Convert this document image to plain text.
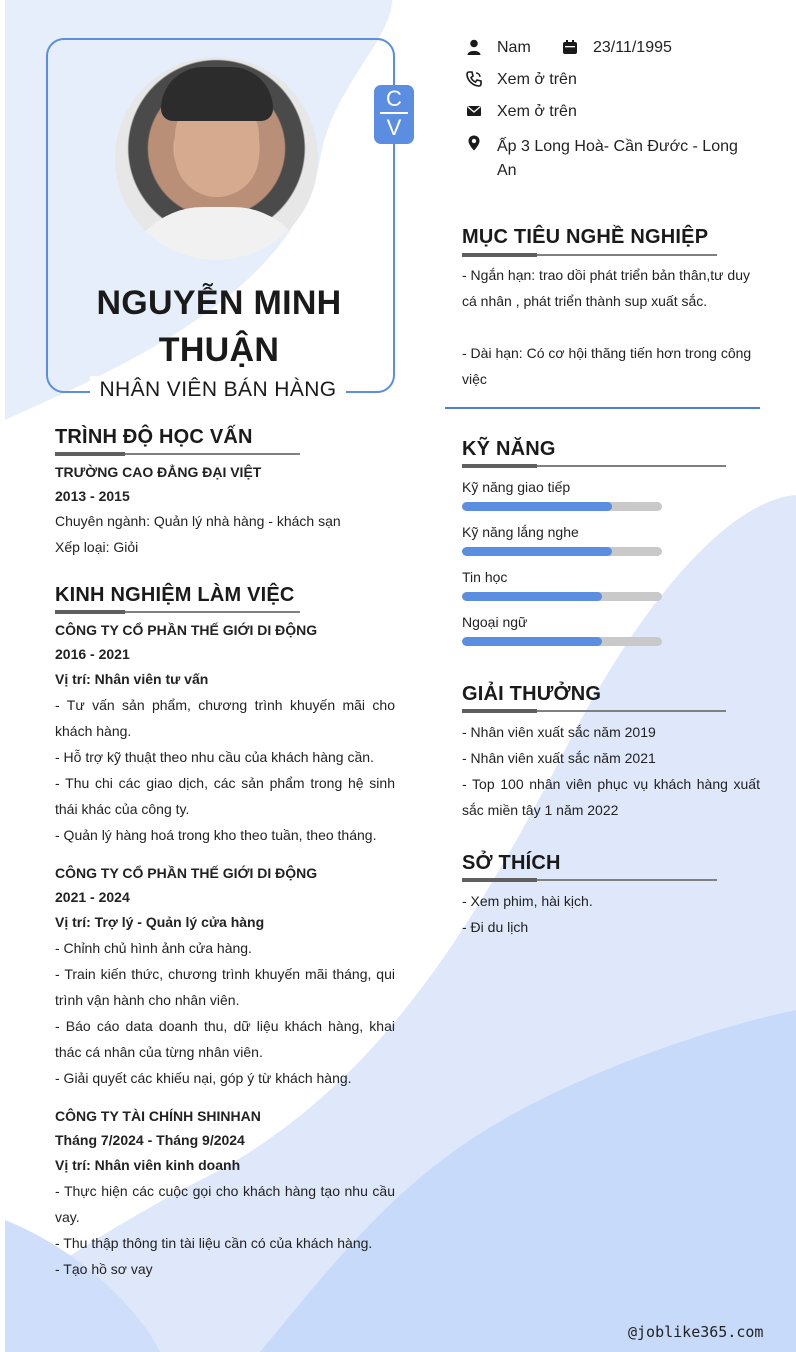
C
V
NGUYỄN MINH THUẬN
NHÂN VIÊN BÁN HÀNG
Nam	23/11/1995
Xem ở trên
Xem ở trên
Ấp 3 Long Hoà- Cần Đước - Long An
MỤC TIÊU NGHỀ NGHIỆP
- Ngắn hạn: trao dồi phát triển bản thân,tư duy cá nhân , phát triển thành sup xuất sắc.
- Dài hạn: Có cơ hội thăng tiến hơn trong công việc
TRÌNH ĐỘ HỌC VẤN
TRƯỜNG CAO ĐẲNG ĐẠI VIỆT
2013 - 2015
Chuyên ngành: Quản lý nhà hàng - khách sạn
Xếp loại: Giỏi
KINH NGHIỆM LÀM VIỆC
CÔNG TY CỔ PHẦN THẾ GIỚI DI ĐỘNG
2016 - 2021
Vị trí: Nhân viên tư vấn
- Tư vấn sản phẩm, chương trình khuyến mãi cho khách hàng.
- Hỗ trợ kỹ thuật theo nhu cầu của khách hàng cần.
- Thu chi các giao dịch, các sản phẩm trong hệ sinh thái khác của công ty.
- Quản lý hàng hoá trong kho theo tuần, theo tháng.
CÔNG TY CỔ PHẦN THẾ GIỚI DI ĐỘNG
2021 - 2024
Vị trí: Trợ lý - Quản lý cửa hàng
- Chỉnh chủ hình ảnh cửa hàng.
- Train kiến thức, chương trình khuyến mãi tháng, qui trình vận hành cho nhân viên.
- Báo cáo data doanh thu, dữ liệu khách hàng, khai thác cá nhân của từng nhân viên.
- Giải quyết các khiếu nại, góp ý từ khách hàng.
CÔNG TY TÀI CHÍNH SHINHAN
Tháng 7/2024 - Tháng 9/2024
Vị trí: Nhân viên kinh doanh
- Thực hiện các cuộc gọi cho khách hàng tạo nhu cầu vay.
- Thu thập thông tin tài liệu cần có của khách hàng.
- Tạo hồ sơ vay
KỸ NĂNG
Kỹ năng giao tiếp
Kỹ năng lắng nghe
Tin học
Ngoại ngữ
GIẢI THƯỞNG
- Nhân viên xuất sắc năm 2019
- Nhân viên xuất sắc năm 2021
- Top 100 nhân viên phục vụ khách hàng xuất sắc miền tây 1 năm 2022
SỞ THÍCH
- Xem phim, hài kịch.
- Đi du lịch
@joblike365.com
